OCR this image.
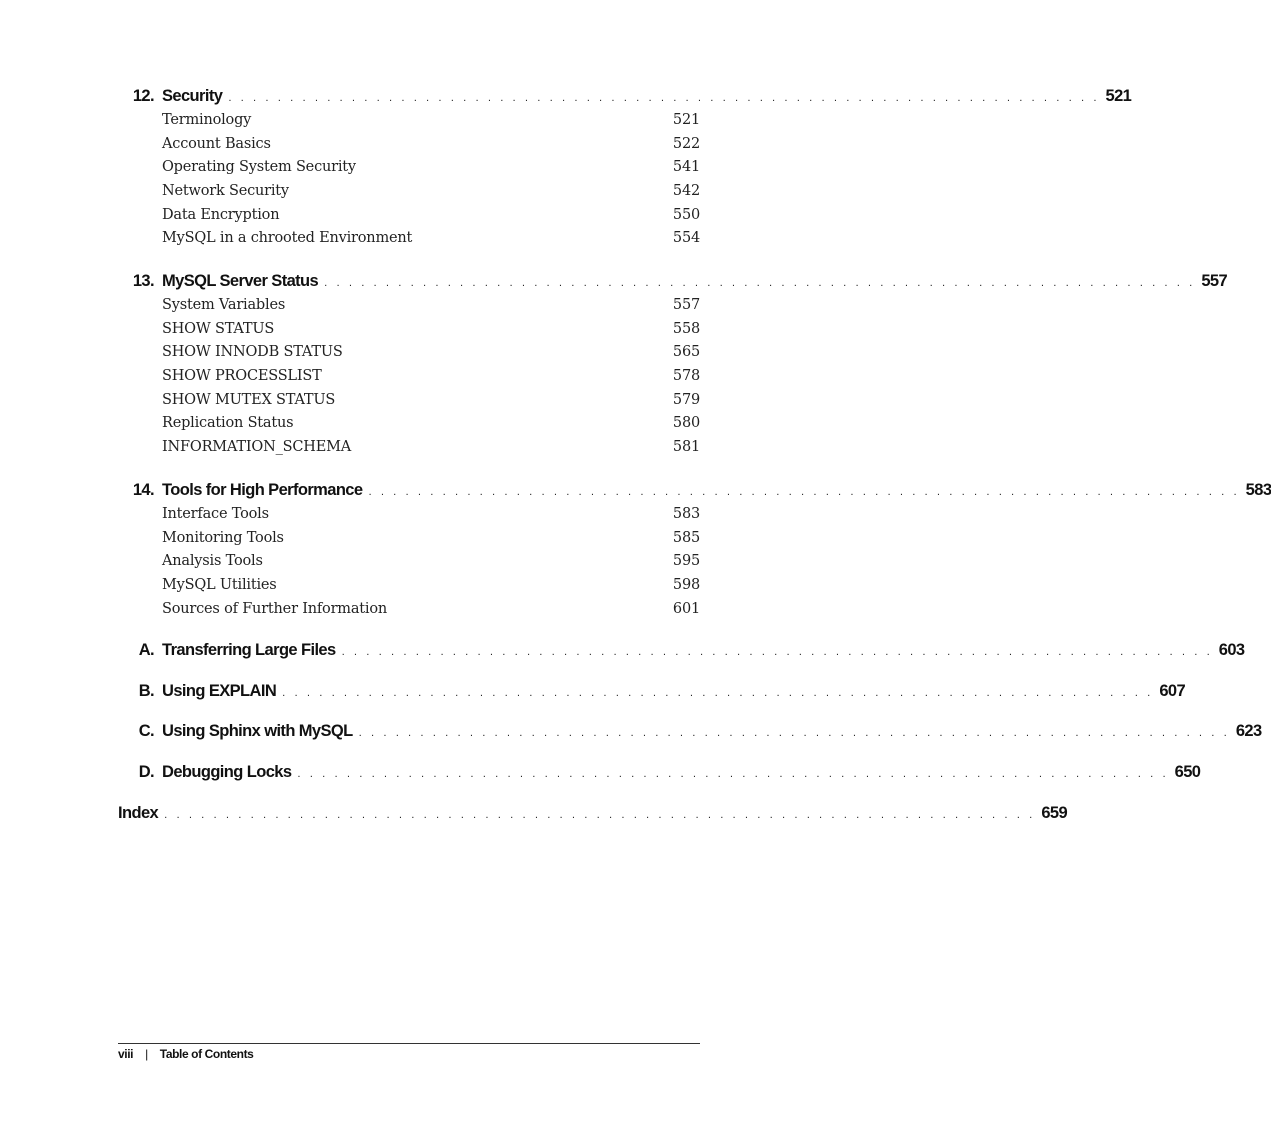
12. Security . . . . . . . . . . . . . . . . . . . . . . . . . . . . . . . . . . . . . . . . . . . . . . . . . . . . . . . . . . . . . . . . . . . . . . . 521
Terminology	521
Account Basics	522
Operating System Security	541
Network Security	542
Data Encryption	550
MySQL in a chrooted Environment	554
13. MySQL Server Status . . . . . . . . . . . . . . . . . . . . . . . . . . . . . . . . . . . . . . . . . . . . . . . . . . . . . . . . . . . . . . . . . . . . . . . 557
System Variables	557
SHOW STATUS	558
SHOW INNODB STATUS	565
SHOW PROCESSLIST	578
SHOW MUTEX STATUS	579
Replication Status	580
INFORMATION_SCHEMA	581
14. Tools for High Performance . . . . . . . . . . . . . . . . . . . . . . . . . . . . . . . . . . . . . . . . . . . . . . . . . . . . . . . . . . . . . . . . . . . . . . . 583
Interface Tools	583
Monitoring Tools	585
Analysis Tools	595
MySQL Utilities	598
Sources of Further Information	601
A. Transferring Large Files . . . . . . . . . . . . . . . . . . . . . . . . . . . . . . . . . . . . . . . . . . . . . . . . . . . . . . . . . . . . . . . . . . . . . . . 603
B. Using EXPLAIN . . . . . . . . . . . . . . . . . . . . . . . . . . . . . . . . . . . . . . . . . . . . . . . . . . . . . . . . . . . . . . . . . . . . . . . 607
C. Using Sphinx with MySQL . . . . . . . . . . . . . . . . . . . . . . . . . . . . . . . . . . . . . . . . . . . . . . . . . . . . . . . . . . . . . . . . . . . . . . . 623
D. Debugging Locks . . . . . . . . . . . . . . . . . . . . . . . . . . . . . . . . . . . . . . . . . . . . . . . . . . . . . . . . . . . . . . . . . . . . . . . 650
Index . . . . . . . . . . . . . . . . . . . . . . . . . . . . . . . . . . . . . . . . . . . . . . . . . . . . . . . . . . . . . . . . . . . . . . . 659
viii | Table of Contents
